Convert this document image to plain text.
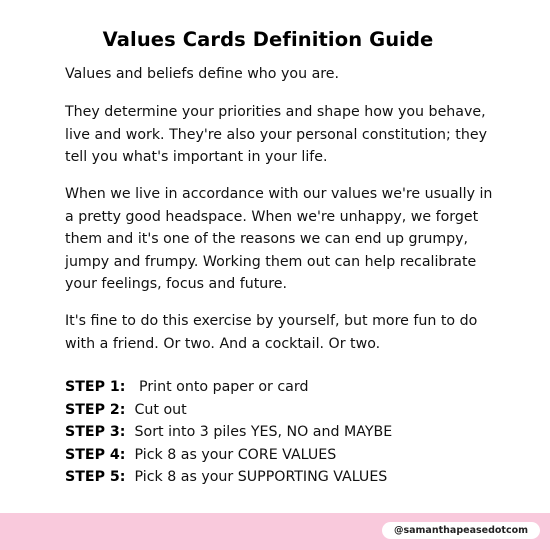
Values Cards Definition Guide

Values and beliefs define who you are.

They determine your priorities and shape how you behave, live and work. They're also your personal constitution; they tell you what's important in your life.

When we live in accordance with our values we're usually in a pretty good headspace. When we're unhappy, we forget them and it's one of the reasons we can end up grumpy, jumpy and frumpy. Working them out can help recalibrate your feelings, focus and future.

It's fine to do this exercise by yourself, but more fun to do with a friend. Or two. And a cocktail. Or two.

STEP 1: Print onto paper or card
STEP 2: Cut out
STEP 3: Sort into 3 piles YES, NO and MAYBE
STEP 4: Pick 8 as your CORE VALUES
STEP 5: Pick 8 as your SUPPORTING VALUES
@samanthapeasedotcom
